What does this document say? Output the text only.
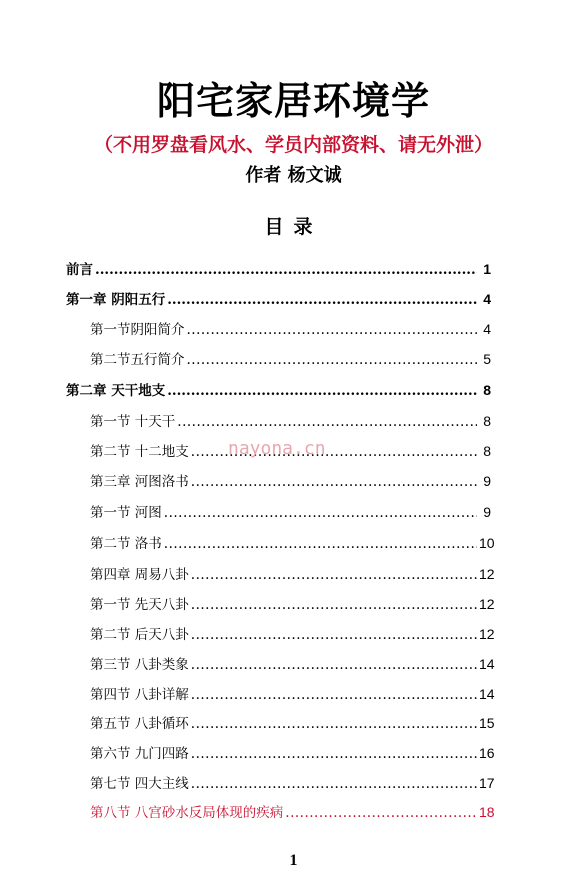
阳宅家居环境学
（不用罗盘看风水、学员内部资料、请无外泄）
作者 杨文诚
目录
前言 .....	1
第一章 阴阳五行 .....	4
第一节阴阳简介 .....	4
第二节五行简介 .....	5
第二章 天干地支 .....	8
第一节 十天干 .....	8
第二节 十二地支 .....	8
第三章 河图洛书 .....	9
第一节 河图 .....	9
第二节 洛书 .....	10
第四章 周易八卦 .....	12
第一节 先天八卦 .....	12
第二节 后天八卦 .....	12
第三节 八卦类象 .....	14
第四节 八卦详解 .....	14
第五节 八卦循环 .....	15
第六节 九门四路 .....	16
第七节 四大主线 .....	17
第八节 八宫砂水反局体现的疾病 .....	18
nayona.cn
1
